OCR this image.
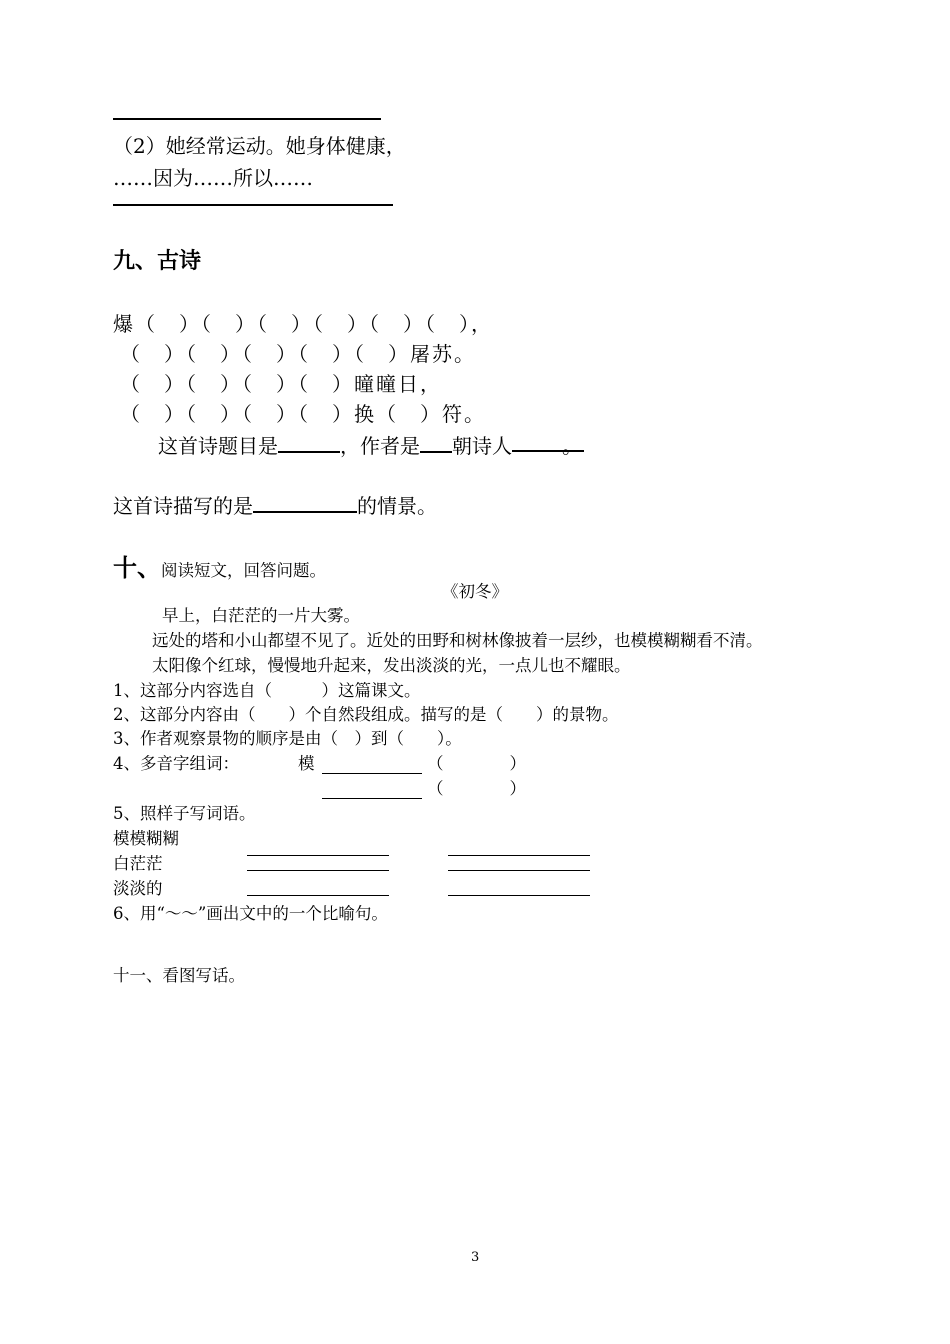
（2）她经常运动。她身体健康，
……因为……所以……
九、古诗
爆（　）（　）（　）（　）（　）（　），
（　）（　）（　）（　）（　）屠苏。
（　）（　）（　）（　）曈曈日，
（　）（　）（　）（　）换（　）符。
这首诗题目是	，作者是 朝诗人	。
这首诗描写的是	的情景。
十、阅读短文，回答问题。
《初冬》
早上，白茫茫的一片大雾。
远处的塔和小山都望不见了。近处的田野和树林像披着一层纱，也模模糊糊看不清。
太阳像个红球，慢慢地升起来，发出淡淡的光，一点儿也不耀眼。
1、这部分内容选自（　　　）这篇课文。
2、这部分内容由（　　）个自然段组成。描写的是（　　）的景物。
3、作者观察景物的顺序是由（　）到（　　）。
4、多音字组词：	模	（　　　　）
（　　　　）
5、照样子写词语。
模模糊糊
白茫茫
淡淡的
6、用“～～”画出文中的一个比喻句。
十一、看图写话。
3
